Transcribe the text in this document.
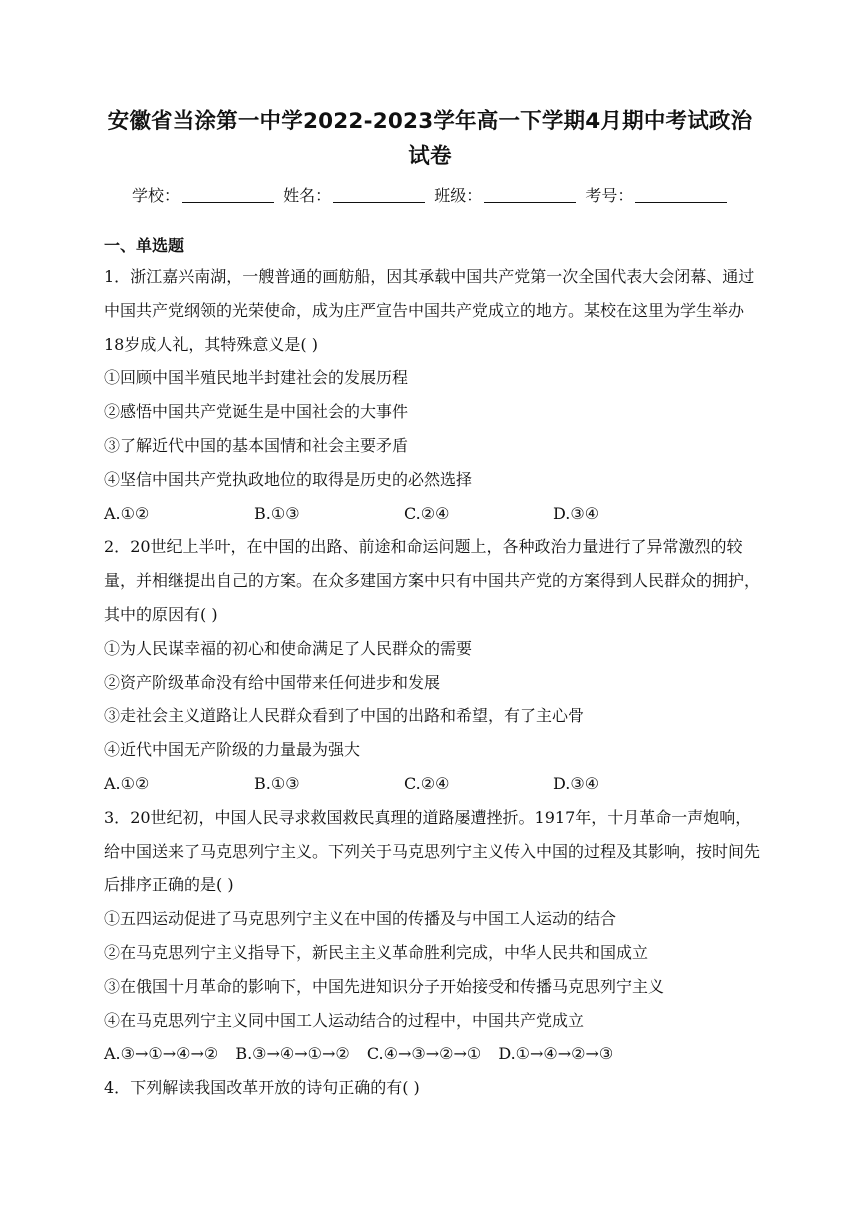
安徽省当涂第一中学2022-2023学年高一下学期4月期中考试政治试卷
学校：	姓名：	班级：	考号：
一、单选题

1．浙江嘉兴南湖，一艘普通的画舫船，因其承载中国共产党第一次全国代表大会闭幕、通过中国共产党纲领的光荣使命，成为庄严宣告中国共产党成立的地方。某校在这里为学生举办18岁成人礼，其特殊意义是( )

①回顾中国半殖民地半封建社会的发展历程

②感悟中国共产党诞生是中国社会的大事件

③了解近代中国的基本国情和社会主要矛盾

④坚信中国共产党执政地位的取得是历史的必然选择

A.①②	B.①③	C.②④	D.③④

2．20世纪上半叶，在中国的出路、前途和命运问题上，各种政治力量进行了异常激烈的较量，并相继提出自己的方案。在众多建国方案中只有中国共产党的方案得到人民群众的拥护，其中的原因有( )

①为人民谋幸福的初心和使命满足了人民群众的需要

②资产阶级革命没有给中国带来任何进步和发展

③走社会主义道路让人民群众看到了中国的出路和希望，有了主心骨

④近代中国无产阶级的力量最为强大

A.①②	B.①③	C.②④	D.③④

3．20世纪初，中国人民寻求救国救民真理的道路屡遭挫折。1917年，十月革命一声炮响，给中国送来了马克思列宁主义。下列关于马克思列宁主义传入中国的过程及其影响，按时间先后排序正确的是( )

①五四运动促进了马克思列宁主义在中国的传播及与中国工人运动的结合

②在马克思列宁主义指导下，新民主主义革命胜利完成，中华人民共和国成立

③在俄国十月革命的影响下，中国先进知识分子开始接受和传播马克思列宁主义

④在马克思列宁主义同中国工人运动结合的过程中，中国共产党成立

A.③→①→④→② B.③→④→①→② C.④→③→②→① D.①→④→②→③

4．下列解读我国改革开放的诗句正确的有( )
